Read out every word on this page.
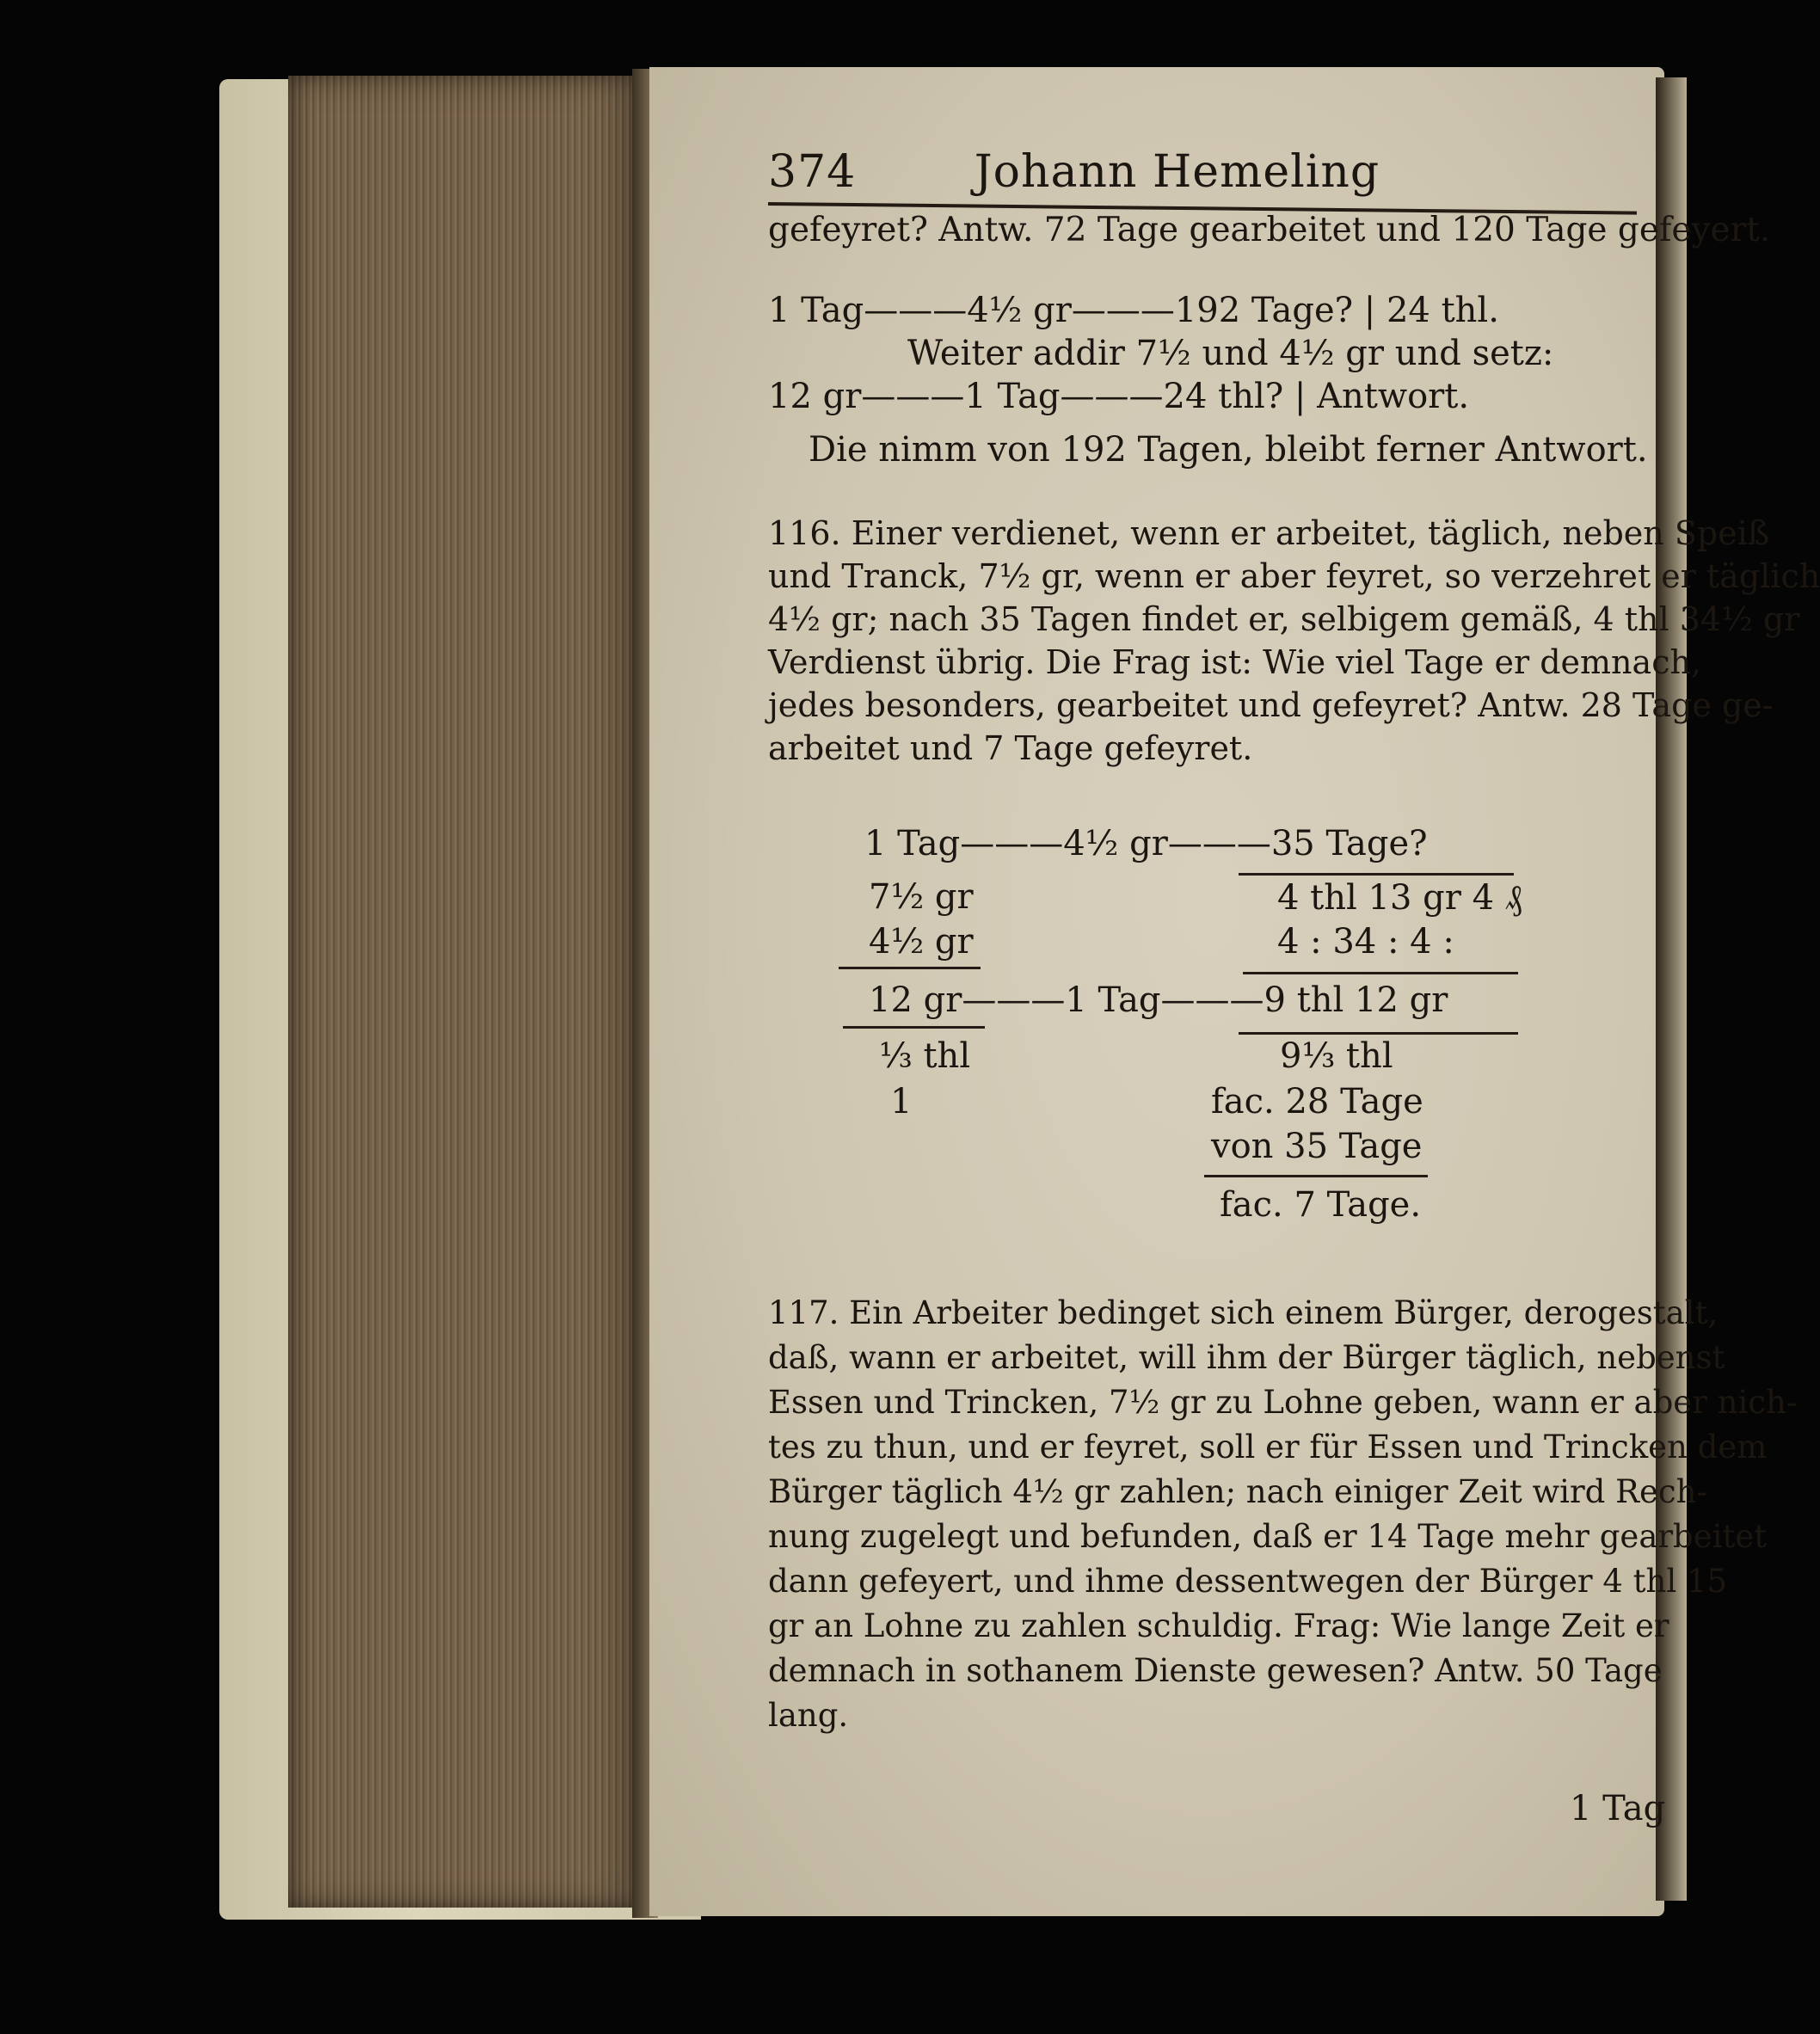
374	Johann Hemeling
gefeyret? Antw. 72 Tage gearbeitet und 120 Tage gefeyert.
1 Tag———4½ gr———192 Tage? | 24 thl.
Weiter addir 7½ und 4½ gr und setz:
12 gr———1 Tag———24 thl? | Antwort.
Die nimm von 192 Tagen, bleibt ferner Antwort.
116. Einer verdienet, wenn er arbeitet, täglich, neben Speiß
und Tranck, 7½ gr, wenn er aber feyret, so verzehret er täglich
4½ gr; nach 35 Tagen findet er, selbigem gemäß, 4 thl 34½ gr
Verdienst übrig. Die Frag ist: Wie viel Tage er demnach,
jedes besonders, gearbeitet und gefeyret? Antw. 28 Tage ge-
arbeitet und 7 Tage gefeyret.
1 Tag———4½ gr———35 Tage?
7½ gr	4 thl 13 gr 4 ₰
4½ gr	4 : 34 : 4 :
12 gr———1 Tag———9 thl 12 gr
⅓ thl	9⅓ thl
1	fac. 28 Tage
von 35 Tage
fac. 7 Tage.
117. Ein Arbeiter bedinget sich einem Bürger, derogestalt,
daß, wann er arbeitet, will ihm der Bürger täglich, nebenst
Essen und Trincken, 7½ gr zu Lohne geben, wann er aber nich-
tes zu thun, und er feyret, soll er für Essen und Trincken dem
Bürger täglich 4½ gr zahlen; nach einiger Zeit wird Rech-
nung zugelegt und befunden, daß er 14 Tage mehr gearbeitet
dann gefeyert, und ihme dessentwegen der Bürger 4 thl 15
gr an Lohne zu zahlen schuldig. Frag: Wie lange Zeit er
demnach in sothanem Dienste gewesen? Antw. 50 Tage
lang.
1 Tag
